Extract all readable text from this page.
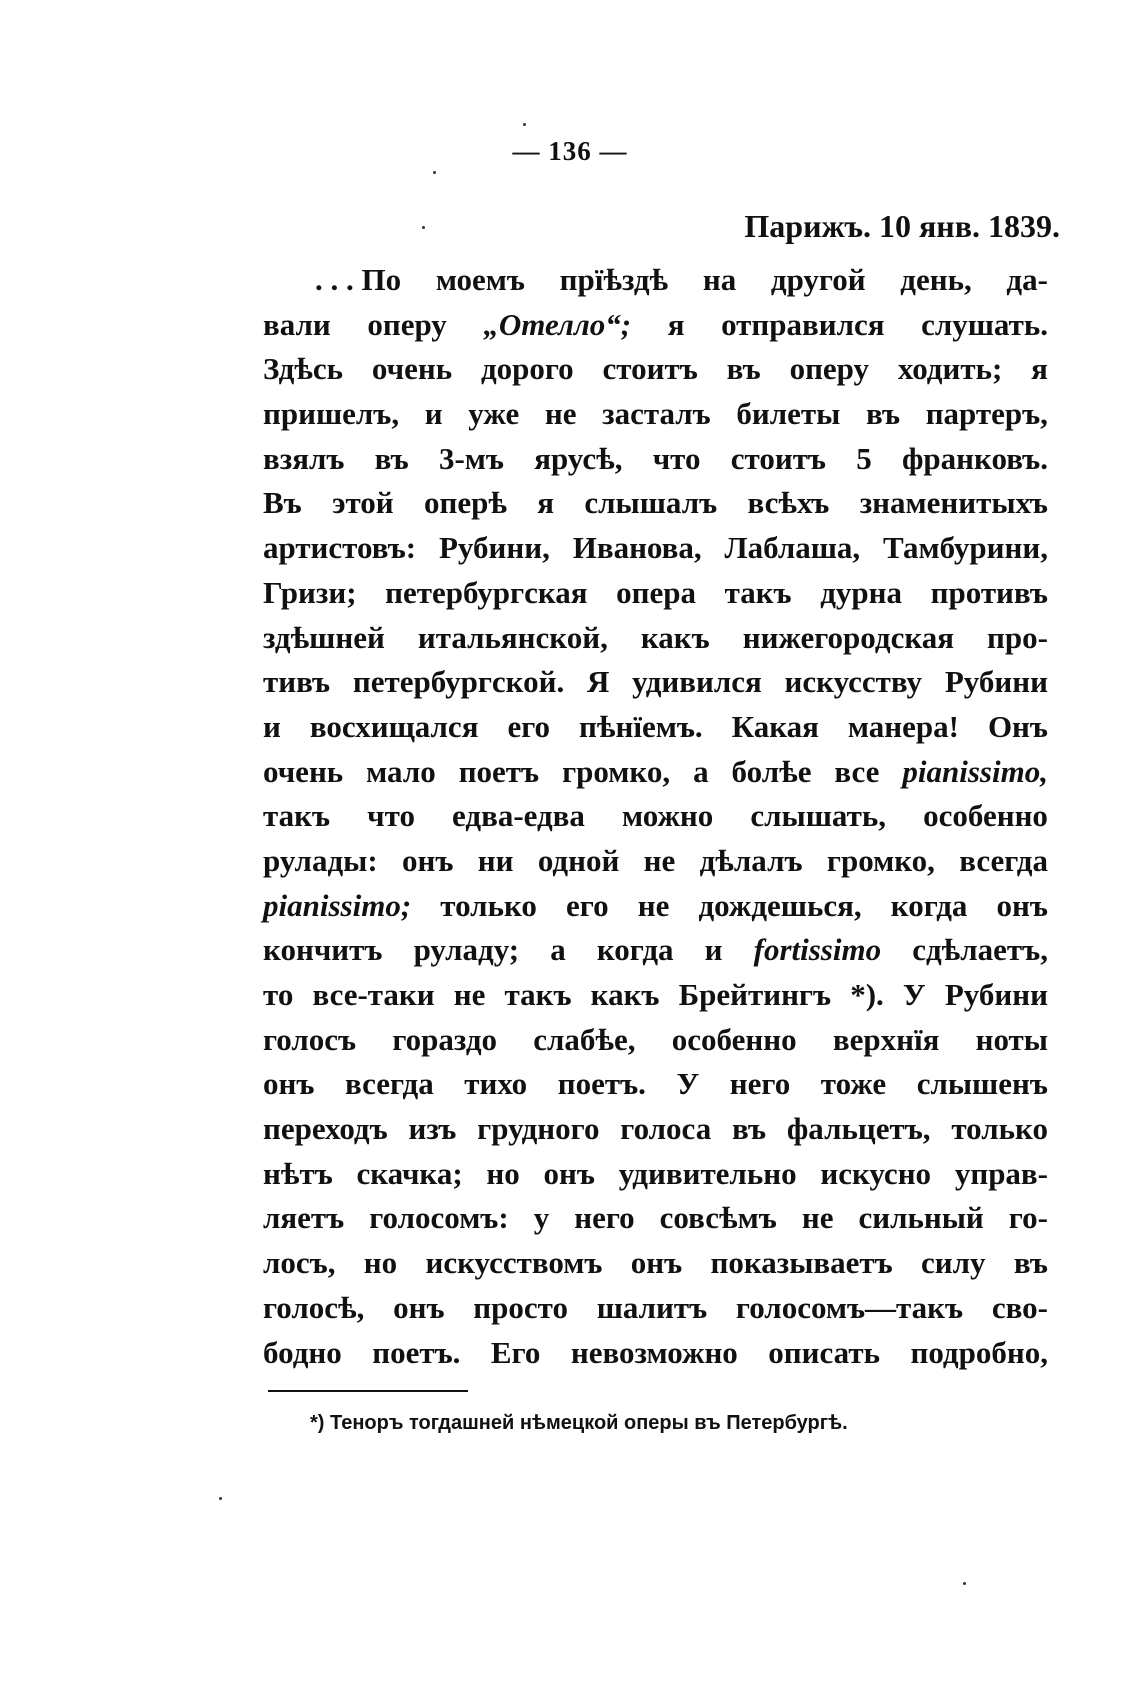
— 136 —
Парижъ. 10 янв. 1839.
. . . По моемъ прїѣздѣ на другой день, да-
вали оперу „Отелло“; я отправился слушать.
Здѣсь очень дорого стоитъ въ оперу ходить; я
пришелъ, и уже не засталъ билеты въ партеръ,
взялъ въ 3-мъ ярусѣ, что стоитъ 5 франковъ.
Въ этой оперѣ я слышалъ всѣхъ знаменитыхъ
артистовъ: Рубини, Иванова, Лаблаша, Тамбурини,
Гризи; петербургская опера такъ дурна противъ
здѣшней итальянской, какъ нижегородская про-
тивъ петербургской. Я удивился искусству Рубини
и восхищался его пѣнїемъ. Какая манера! Онъ
очень мало поетъ громко, а болѣе все pianissimo,
такъ что едва-едва можно слышать, особенно
рулады: онъ ни одной не дѣлалъ громко, всегда
pianissimo; только его не дождешься, когда онъ
кончитъ руладу; а когда и fortissimo сдѣлаетъ,
то все-таки не такъ какъ Брейтингъ *). У Рубини
голосъ гораздо слабѣе, особенно верхнїя ноты
онъ всегда тихо поетъ. У него тоже слышенъ
переходъ изъ грудного голоса въ фальцетъ, только
нѣтъ скачка; но онъ удивительно искусно управ-
ляетъ голосомъ: у него совсѣмъ не сильный го-
лосъ, но искусствомъ онъ показываетъ силу въ
голосѣ, онъ просто шалитъ голосомъ—такъ сво-
бодно поетъ. Его невозможно описать подробно,
*) Теноръ тогдашней нѣмецкой оперы въ Петербургѣ.
